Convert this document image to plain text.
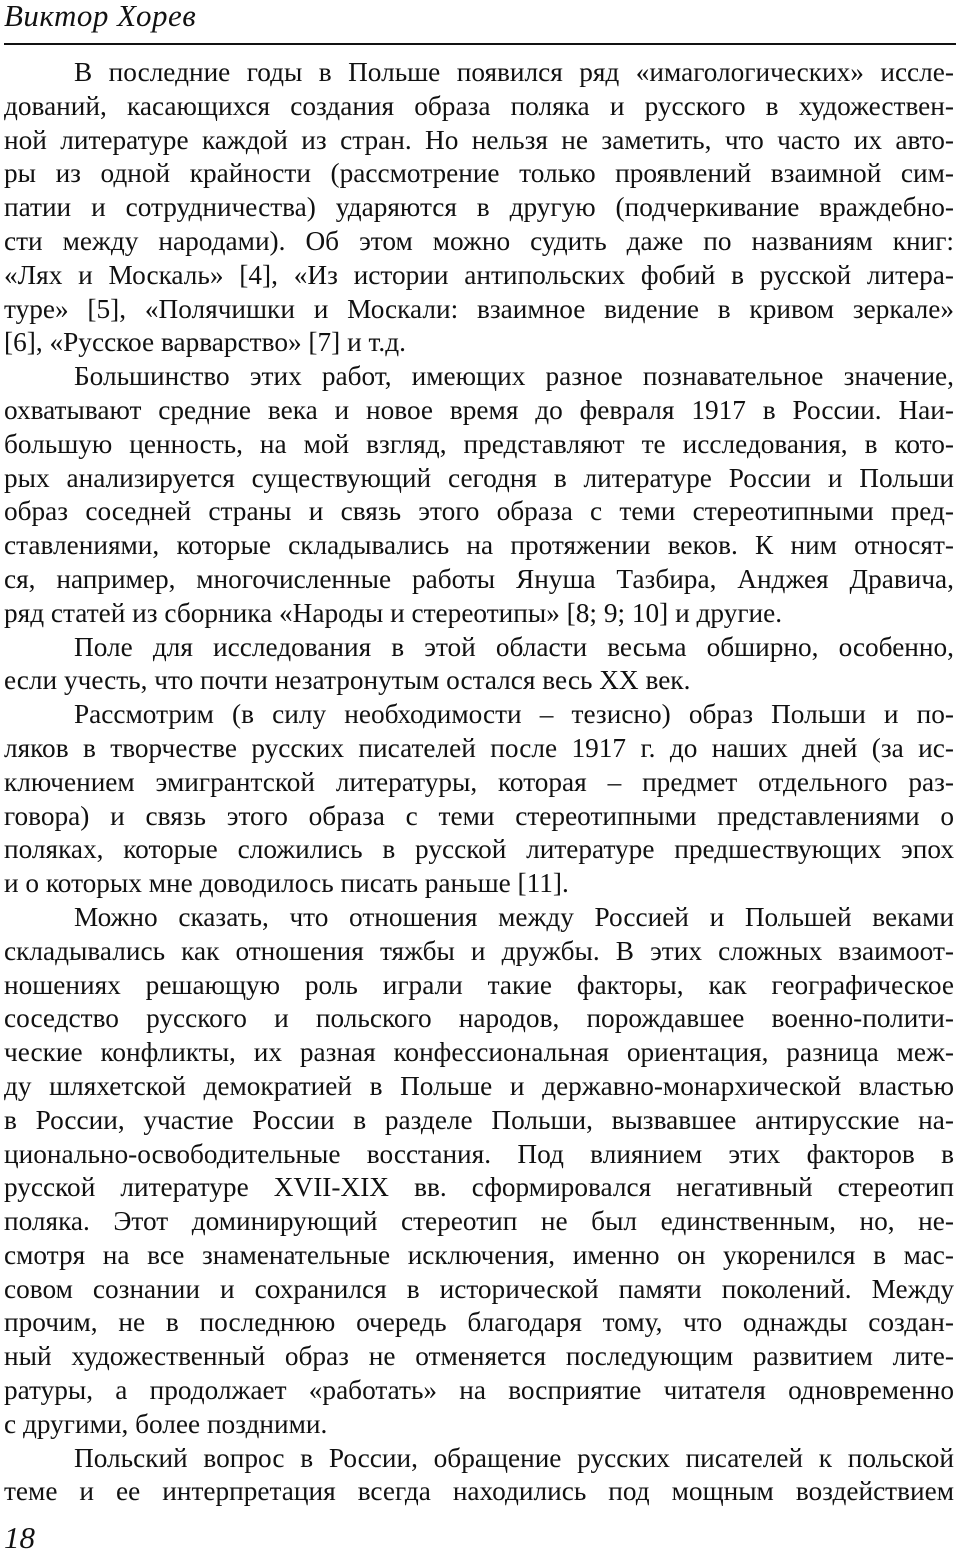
Виктор Хорев
В последние годы в Польше появился ряд «имагологических» иссле-
дований, касающихся создания образа поляка и русского в художествен-
ной литературе каждой из стран. Но нельзя не заметить, что часто их авто-
ры из одной крайности (рассмотрение только проявлений взаимной сим-
патии и сотрудничества) ударяются в другую (подчеркивание враждебно-
сти между народами). Об этом можно судить даже по названиям книг:
«Лях и Москаль» [4], «Из истории антипольских фобий в русской литера-
туре» [5], «Полячишки и Москали: взаимное видение в кривом зеркале»
[6], «Русское варварство» [7] и т.д.
Большинство этих работ, имеющих разное познавательное значение,
охватывают средние века и новое время до февраля 1917 в России. Наи-
большую ценность, на мой взгляд, представляют те исследования, в кото-
рых анализируется существующий сегодня в литературе России и Польши
образ соседней страны и связь этого образа с теми стереотипными пред-
ставлениями, которые складывались на протяжении веков. К ним относят-
ся, например, многочисленные работы Януша Тазбира, Анджея Дравича,
ряд статей из сборника «Народы и стереотипы» [8; 9; 10] и другие.
Поле для исследования в этой области весьма обширно, особенно,
если учесть, что почти незатронутым остался весь XX век.
Рассмотрим (в силу необходимости – тезисно) образ Польши и по-
ляков в творчестве русских писателей после 1917 г. до наших дней (за ис-
ключением эмигрантской литературы, которая – предмет отдельного раз-
говора) и связь этого образа с теми стереотипными представлениями о
поляках, которые сложились в русской литературе предшествующих эпох
и о которых мне доводилось писать раньше [11].
Можно сказать, что отношения между Россией и Польшей веками
складывались как отношения тяжбы и дружбы. В этих сложных взаимоот-
ношениях решающую роль играли такие факторы, как географическое
соседство русского и польского народов, порождавшее военно-полити-
ческие конфликты, их разная конфессиональная ориентация, разница меж-
ду шляхетской демократией в Польше и державно-монархической властью
в России, участие России в разделе Польши, вызвавшее антирусские на-
ционально-освободительные восстания. Под влиянием этих факторов в
русской литературе XVII-XIX вв. сформировался негативный стереотип
поляка. Этот доминирующий стереотип не был единственным, но, не-
смотря на все знаменательные исключения, именно он укоренился в мас-
совом сознании и сохранился в исторической памяти поколений. Между
прочим, не в последнюю очередь благодаря тому, что однажды создан-
ный художественный образ не отменяется последующим развитием лите-
ратуры, а продолжает «работать» на восприятие читателя одновременно
с другими, более поздними.
Польский вопрос в России, обращение русских писателей к польской
теме и ее интерпретация всегда находились под мощным воздействием
18
